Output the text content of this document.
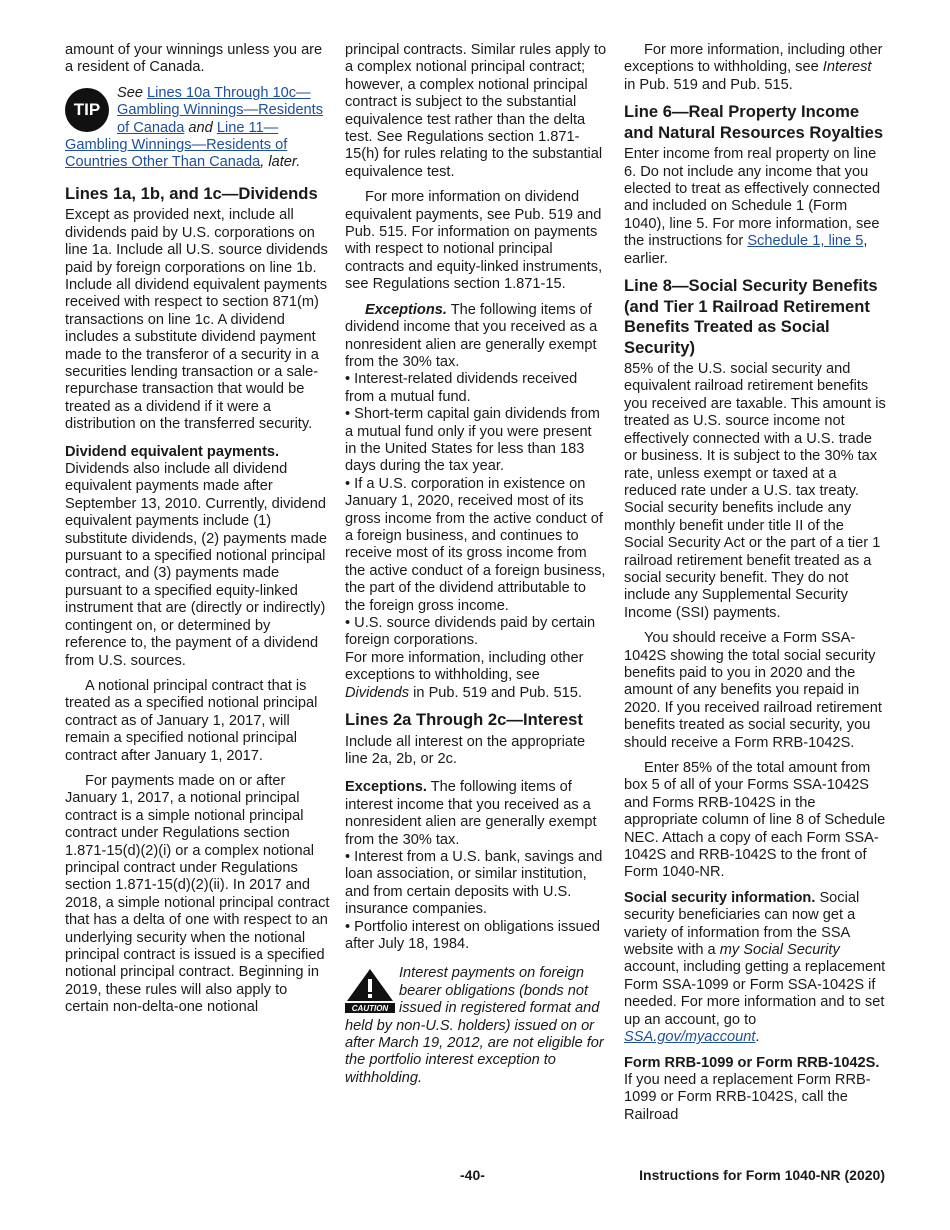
amount of your winnings unless you are a resident of Canada.

TIP
See Lines 10a Through 10c—Gambling Winnings—Residents of Canada and Line 11—Gambling Winnings—Residents of Countries Other Than Canada, later.
Lines 1a, 1b, and 1c—Dividends

Except as provided next, include all dividends paid by U.S. corporations on line 1a. Include all U.S. source dividends paid by foreign corporations on line 1b. Include all dividend equivalent payments received with respect to section 871(m) transactions on line 1c. A dividend includes a substitute dividend payment made to the transferor of a security in a securities lending transaction or a sale-repurchase transaction that would be treated as a dividend if it were a distribution on the transferred security.

Dividend equivalent payments.
Dividends also include all dividend equivalent payments made after September 13, 2010. Currently, dividend equivalent payments include (1) substitute dividends, (2) payments made pursuant to a specified notional principal contract, and (3) payments made pursuant to a specified equity-linked instrument that are (directly or indirectly) contingent on, or determined by reference to, the payment of a dividend from U.S. sources.

A notional principal contract that is treated as a specified notional principal contract as of January 1, 2017, will remain a specified notional principal contract after January 1, 2017.

For payments made on or after January 1, 2017, a notional principal contract is a simple notional principal contract under Regulations section 1.871-15(d)(2)(i) or a complex notional principal contract under Regulations section 1.871-15(d)(2)(ii). In 2017 and 2018, a simple notional principal contract that has a delta of one with respect to an underlying security when the notional principal contract is issued is a specified notional principal contract. Beginning in 2019, these rules will also apply to certain non-delta-one notional

principal contracts. Similar rules apply to a complex notional principal contract; however, a complex notional principal contract is subject to the substantial equivalence test rather than the delta test. See Regulations section 1.871-15(h) for rules relating to the substantial equivalence test.

For more information on dividend equivalent payments, see Pub. 519 and Pub. 515. For information on payments with respect to notional principal contracts and equity-linked instruments, see Regulations section 1.871-15.

Exceptions. The following items of dividend income that you received as a nonresident alien are generally exempt from the 30% tax.

• Interest-related dividends received from a mutual fund.

• Short-term capital gain dividends from a mutual fund only if you were present in the United States for less than 183 days during the tax year.

• If a U.S. corporation in existence on January 1, 2020, received most of its gross income from the active conduct of a foreign business, and continues to receive most of its gross income from the active conduct of a foreign business, the part of the dividend attributable to the foreign gross income.

• U.S. source dividends paid by certain foreign corporations.

For more information, including other exceptions to withholding, see Dividends in Pub. 519 and Pub. 515.

Lines 2a Through 2c—Interest

Include all interest on the appropriate line 2a, 2b, or 2c.

Exceptions. The following items of interest income that you received as a nonresident alien are generally exempt from the 30% tax.

• Interest from a U.S. bank, savings and loan association, or similar institution, and from certain deposits with U.S. insurance companies.

• Portfolio interest on obligations issued after July 18, 1984.

CAUTION
Interest payments on foreign bearer obligations (bonds not issued in registered format and held by non-U.S. holders) issued on or after March 19, 2012, are not eligible for the portfolio interest exception to withholding.

For more information, including other exceptions to withholding, see Interest in Pub. 519 and Pub. 515.

Line 6—Real Property Income and Natural Resources Royalties

Enter income from real property on line 6. Do not include any income that you elected to treat as effectively connected and included on Schedule 1 (Form 1040), line 5. For more information, see the instructions for Schedule 1, line 5, earlier.

Line 8—Social Security Benefits (and Tier 1 Railroad Retirement Benefits Treated as Social Security)

85% of the U.S. social security and equivalent railroad retirement benefits you received are taxable. This amount is treated as U.S. source income not effectively connected with a U.S. trade or business. It is subject to the 30% tax rate, unless exempt or taxed at a reduced rate under a U.S. tax treaty. Social security benefits include any monthly benefit under title II of the Social Security Act or the part of a tier 1 railroad retirement benefit treated as a social security benefit. They do not include any Supplemental Security Income (SSI) payments.

You should receive a Form SSA-1042S showing the total social security benefits paid to you in 2020 and the amount of any benefits you repaid in 2020. If you received railroad retirement benefits treated as social security, you should receive a Form RRB-1042S.

Enter 85% of the total amount from box 5 of all of your Forms SSA-1042S and Forms RRB-1042S in the appropriate column of line 8 of Schedule NEC. Attach a copy of each Form SSA-1042S and RRB-1042S to the front of Form 1040-NR.

Social security information. Social security beneficiaries can now get a variety of information from the SSA website with a my Social Security account, including getting a replacement Form SSA-1099 or Form SSA-1042S if needed. For more information and to set up an account, go to SSA.gov/myaccount.

Form RRB-1099 or Form RRB-1042S. If you need a replacement Form RRB-1099 or Form RRB-1042S, call the Railroad

-40-	Instructions for Form 1040-NR (2020)
